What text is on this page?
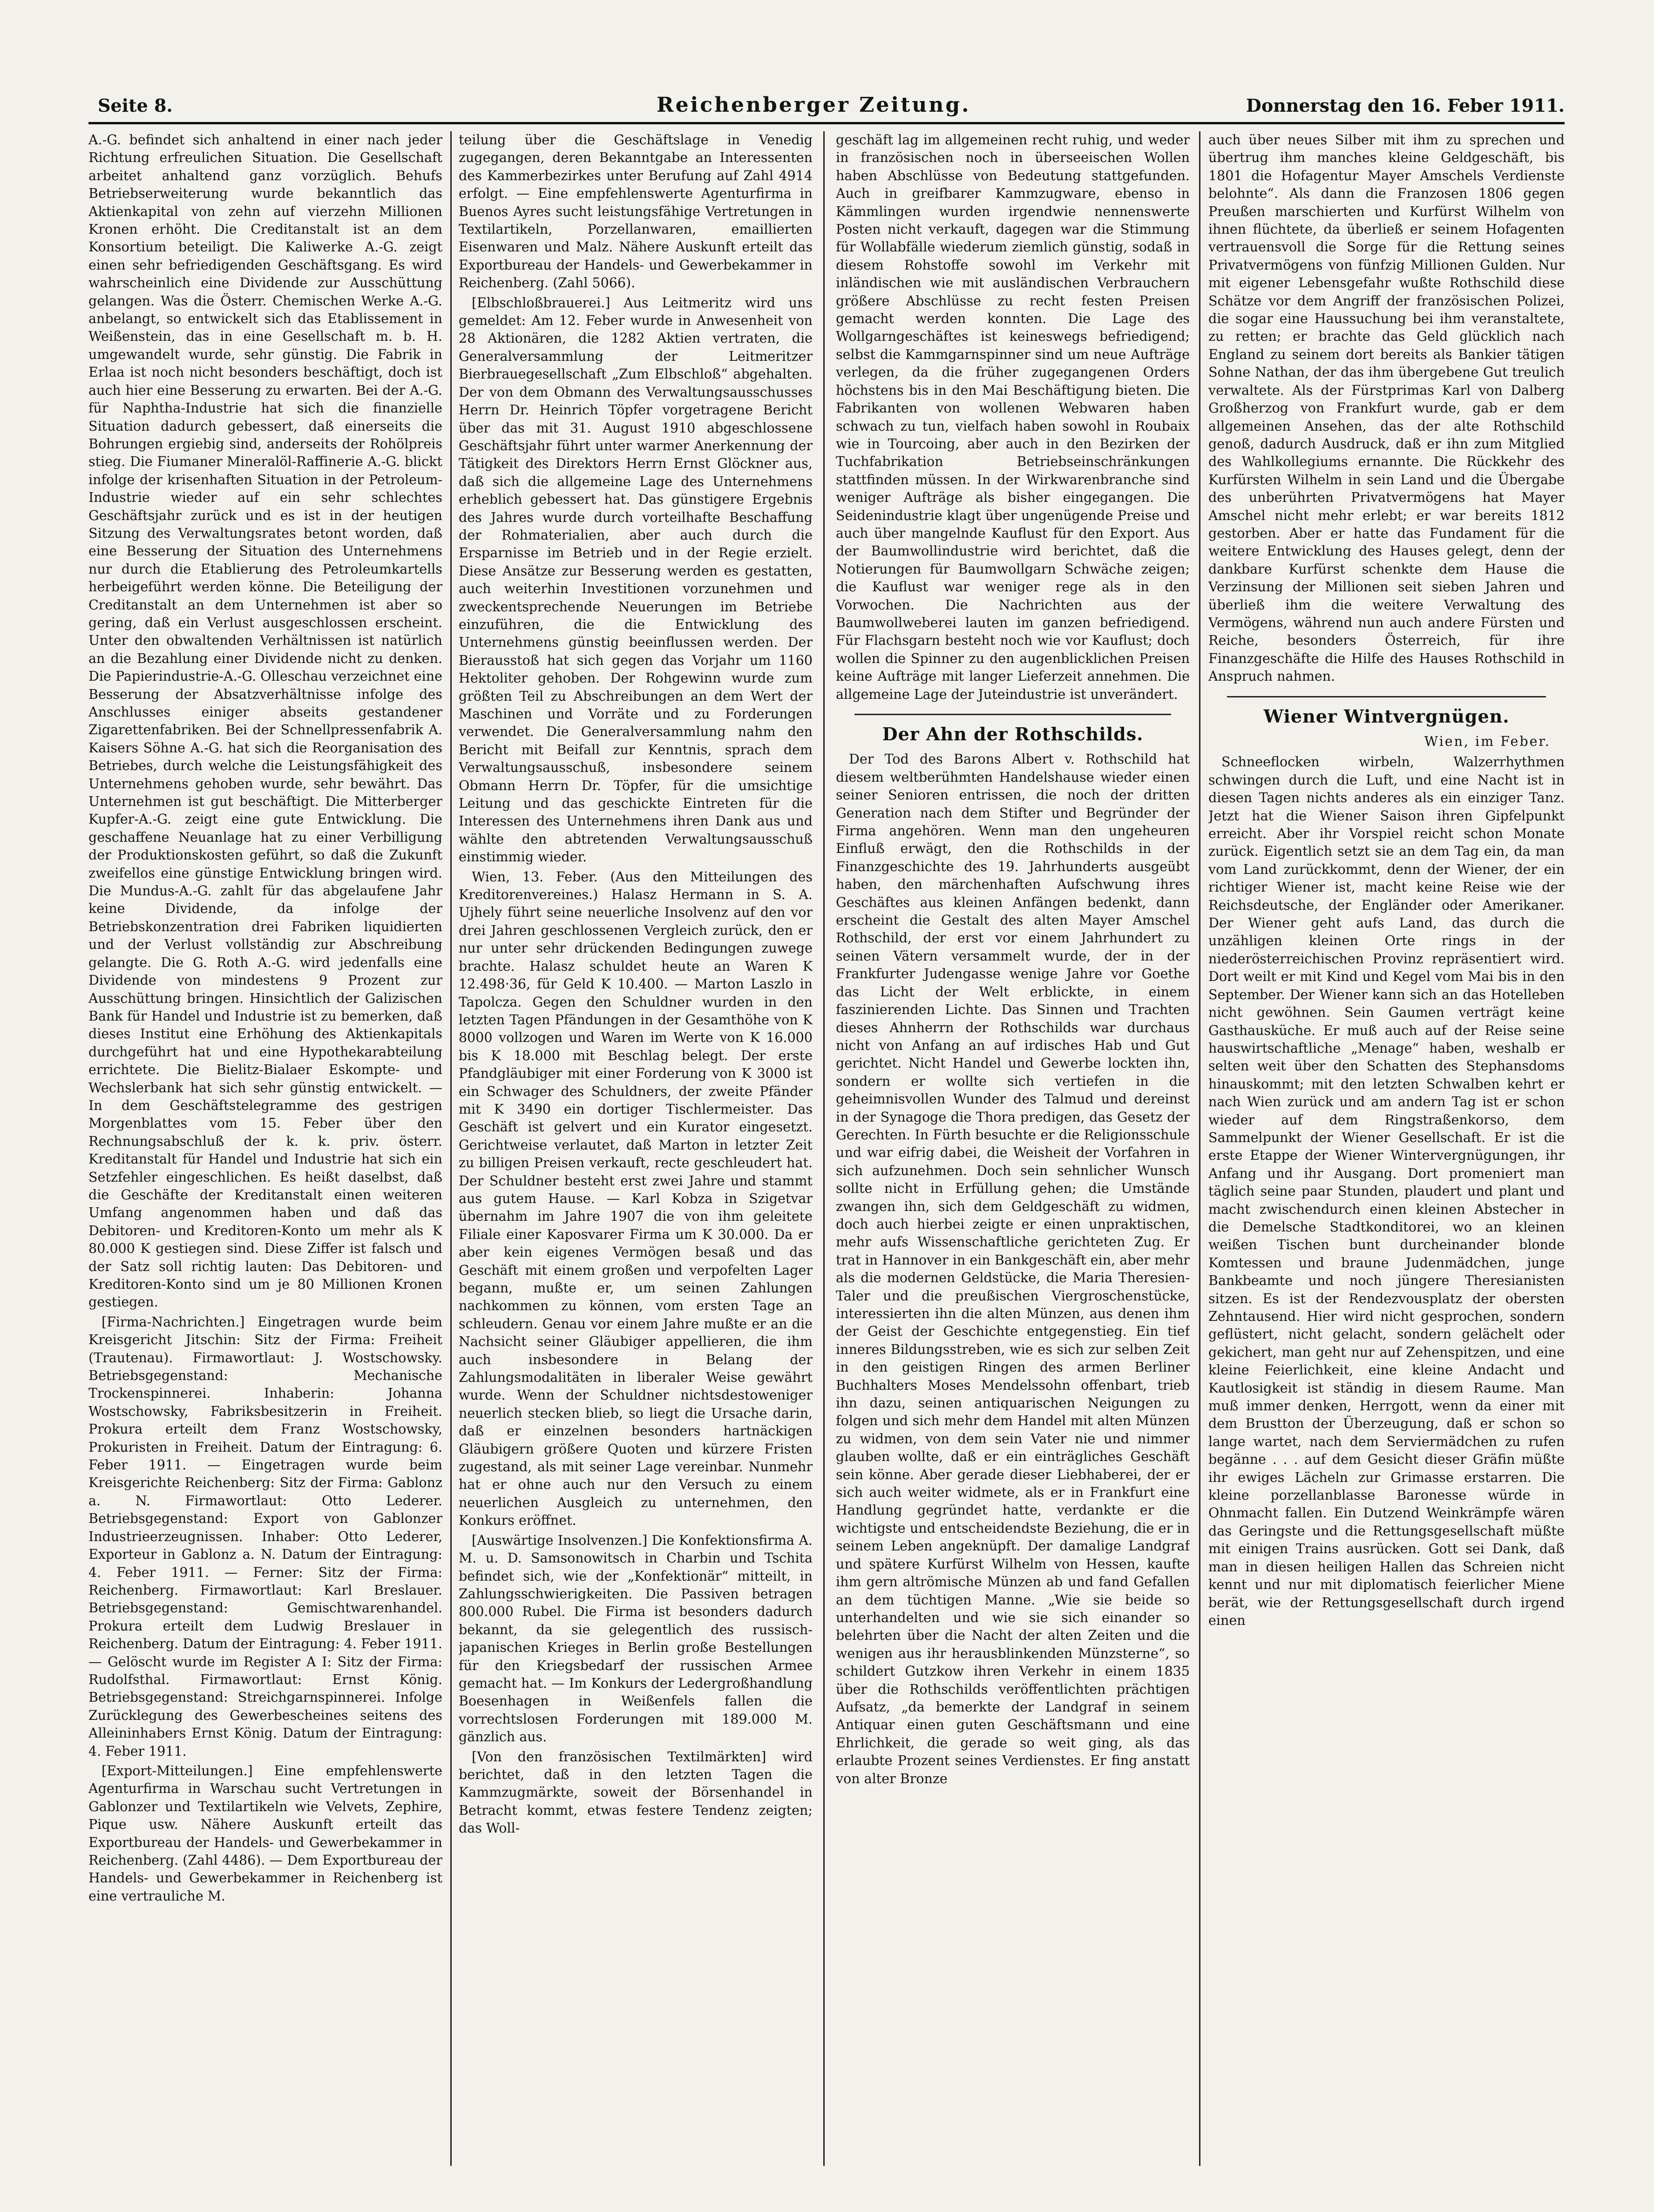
Seite 8.	Reichenberger Zeitung.	Donnerstag den 16. Feber 1911.

A.-G. befindet sich anhaltend in einer nach jeder Richtung erfreulichen Situation. Die Gesellschaft arbeitet anhaltend ganz vorzüglich. Behufs Betriebserweiterung wurde bekanntlich das Aktienkapital von zehn auf vierzehn Millionen Kronen erhöht. Die Creditanstalt ist an dem Konsortium beteiligt. Die Kaliwerke A.-G. zeigt einen sehr befriedigenden Geschäftsgang. Es wird wahrscheinlich eine Dividende zur Ausschüttung gelangen. Was die Österr. Chemischen Werke A.-G. anbelangt, so entwickelt sich das Etablissement in Weißenstein, das in eine Gesellschaft m. b. H. umgewandelt wurde, sehr günstig. Die Fabrik in Erlaa ist noch nicht besonders beschäftigt, doch ist auch hier eine Besserung zu erwarten. Bei der A.-G. für Naphtha-Industrie hat sich die finanzielle Situation dadurch gebessert, daß einerseits die Bohrungen ergiebig sind, anderseits der Rohölpreis stieg. Die Fiumaner Mineralöl-Raffinerie A.-G. blickt infolge der krisenhaften Situation in der Petroleum-Industrie wieder auf ein sehr schlechtes Geschäftsjahr zurück und es ist in der heutigen Sitzung des Verwaltungsrates betont worden, daß eine Besserung der Situation des Unternehmens nur durch die Etablierung des Petroleumkartells herbeigeführt werden könne. Die Beteiligung der Creditanstalt an dem Unternehmen ist aber so gering, daß ein Verlust ausgeschlossen erscheint. Unter den obwaltenden Verhältnissen ist natürlich an die Bezahlung einer Dividende nicht zu denken. Die Papierindustrie-A.-G. Olleschau verzeichnet eine Besserung der Absatzverhältnisse infolge des Anschlusses einiger abseits gestandener Zigarettenfabriken. Bei der Schnellpressenfabrik A. Kaisers Söhne A.-G. hat sich die Reorganisation des Betriebes, durch welche die Leistungsfähigkeit des Unternehmens gehoben wurde, sehr bewährt. Das Unternehmen ist gut beschäftigt. Die Mitterberger Kupfer-A.-G. zeigt eine gute Entwicklung. Die geschaffene Neuanlage hat zu einer Verbilligung der Produktionskosten geführt, so daß die Zukunft zweifellos eine günstige Entwicklung bringen wird. Die Mundus-A.-G. zahlt für das abgelaufene Jahr keine Dividende, da infolge der Betriebskonzentration drei Fabriken liquidierten und der Verlust vollständig zur Abschreibung gelangte. Die G. Roth A.-G. wird jedenfalls eine Dividende von mindestens 9 Prozent zur Ausschüttung bringen. Hinsichtlich der Galizischen Bank für Handel und Industrie ist zu bemerken, daß dieses Institut eine Erhöhung des Aktienkapitals durchgeführt hat und eine Hypothekarabteilung errichtete. Die Bielitz-Bialaer Eskompte- und Wechslerbank hat sich sehr günstig entwickelt. — In dem Geschäftstelegramme des gestrigen Morgenblattes vom 15. Feber über den Rechnungsabschluß der k. k. priv. österr. Kreditanstalt für Handel und Industrie hat sich ein Setzfehler eingeschlichen. Es heißt daselbst, daß die Geschäfte der Kreditanstalt einen weiteren Umfang angenommen haben und daß das Debitoren- und Kreditoren-Konto um mehr als K 80.000 K gestiegen sind. Diese Ziffer ist falsch und der Satz soll richtig lauten: Das Debitoren- und Kreditoren-Konto sind um je 80 Millionen Kronen gestiegen.

[Firma-Nachrichten.] Eingetragen wurde beim Kreisgericht Jitschin: Sitz der Firma: Freiheit (Trautenau). Firmawortlaut: J. Wostschowsky. Betriebsgegenstand: Mechanische Trockenspinnerei. Inhaberin: Johanna Wostschowsky, Fabriksbesitzerin in Freiheit. Prokura erteilt dem Franz Wostschowsky, Prokuristen in Freiheit. Datum der Eintragung: 6. Feber 1911. — Eingetragen wurde beim Kreisgerichte Reichenberg: Sitz der Firma: Gablonz a. N. Firmawortlaut: Otto Lederer. Betriebsgegenstand: Export von Gablonzer Industrieerzeugnissen. Inhaber: Otto Lederer, Exporteur in Gablonz a. N. Datum der Eintragung: 4. Feber 1911. — Ferner: Sitz der Firma: Reichenberg. Firmawortlaut: Karl Breslauer. Betriebsgegenstand: Gemischtwarenhandel. Prokura erteilt dem Ludwig Breslauer in Reichenberg. Datum der Eintragung: 4. Feber 1911. — Gelöscht wurde im Register A I: Sitz der Firma: Rudolfsthal. Firmawortlaut: Ernst König. Betriebsgegenstand: Streichgarnspinnerei. Infolge Zurücklegung des Gewerbescheines seitens des Alleininhabers Ernst König. Datum der Eintragung: 4. Feber 1911.

[Export-Mitteilungen.] Eine empfehlenswerte Agenturfirma in Warschau sucht Vertretungen in Gablonzer und Textilartikeln wie Velvets, Zephire, Pique usw. Nähere Auskunft erteilt das Exportbureau der Handels- und Gewerbekammer in Reichenberg. (Zahl 4486). — Dem Exportbureau der Handels- und Gewerbekammer in Reichenberg ist eine vertrauliche M.

teilung über die Geschäftslage in Venedig zugegangen, deren Bekanntgabe an Interessenten des Kammerbezirkes unter Berufung auf Zahl 4914 erfolgt. — Eine empfehlenswerte Agenturfirma in Buenos Ayres sucht leistungsfähige Vertretungen in Textilartikeln, Porzellanwaren, emaillierten Eisenwaren und Malz. Nähere Auskunft erteilt das Exportbureau der Handels- und Gewerbekammer in Reichenberg. (Zahl 5066).

[Elbschloßbrauerei.] Aus Leitmeritz wird uns gemeldet: Am 12. Feber wurde in Anwesenheit von 28 Aktionären, die 1282 Aktien vertraten, die Generalversammlung der Leitmeritzer Bierbrauegesellschaft „Zum Elbschloß“ abgehalten. Der von dem Obmann des Verwaltungsausschusses Herrn Dr. Heinrich Töpfer vorgetragene Bericht über das mit 31. August 1910 abgeschlossene Geschäftsjahr führt unter warmer Anerkennung der Tätigkeit des Direktors Herrn Ernst Glöckner aus, daß sich die allgemeine Lage des Unternehmens erheblich gebessert hat. Das günstigere Ergebnis des Jahres wurde durch vorteilhafte Beschaffung der Rohmaterialien, aber auch durch die Ersparnisse im Betrieb und in der Regie erzielt. Diese Ansätze zur Besserung werden es gestatten, auch weiterhin Investitionen vorzunehmen und zweckentsprechende Neuerungen im Betriebe einzuführen, die die Entwicklung des Unternehmens günstig beeinflussen werden. Der Bierausstoß hat sich gegen das Vorjahr um 1160 Hektoliter gehoben. Der Rohgewinn wurde zum größten Teil zu Abschreibungen an dem Wert der Maschinen und Vorräte und zu Forderungen verwendet. Die Generalversammlung nahm den Bericht mit Beifall zur Kenntnis, sprach dem Verwaltungsausschuß, insbesondere seinem Obmann Herrn Dr. Töpfer, für die umsichtige Leitung und das geschickte Eintreten für die Interessen des Unternehmens ihren Dank aus und wählte den abtretenden Verwaltungsausschuß einstimmig wieder.

Wien, 13. Feber. (Aus den Mitteilungen des Kreditorenvereines.) Halasz Hermann in S. A. Ujhely führt seine neuerliche Insolvenz auf den vor drei Jahren geschlossenen Vergleich zurück, den er nur unter sehr drückenden Bedingungen zuwege brachte. Halasz schuldet heute an Waren K 12.498·36, für Geld K 10.400. — Marton Laszlo in Tapolcza. Gegen den Schuldner wurden in den letzten Tagen Pfändungen in der Gesamthöhe von K 8000 vollzogen und Waren im Werte von K 16.000 bis K 18.000 mit Beschlag belegt. Der erste Pfandgläubiger mit einer Forderung von K 3000 ist ein Schwager des Schuldners, der zweite Pfänder mit K 3490 ein dortiger Tischlermeister. Das Geschäft ist gelvert und ein Kurator eingesetzt. Gerichtweise verlautet, daß Marton in letzter Zeit zu billigen Preisen verkauft, recte geschleudert hat. Der Schuldner besteht erst zwei Jahre und stammt aus gutem Hause. — Karl Kobza in Szigetvar übernahm im Jahre 1907 die von ihm geleitete Filiale einer Kaposvarer Firma um K 30.000. Da er aber kein eigenes Vermögen besaß und das Geschäft mit einem großen und verpofelten Lager begann, mußte er, um seinen Zahlungen nachkommen zu können, vom ersten Tage an schleudern. Genau vor einem Jahre mußte er an die Nachsicht seiner Gläubiger appellieren, die ihm auch insbesondere in Belang der Zahlungsmodalitäten in liberaler Weise gewährt wurde. Wenn der Schuldner nichtsdestoweniger neuerlich stecken blieb, so liegt die Ursache darin, daß er einzelnen besonders hartnäckigen Gläubigern größere Quoten und kürzere Fristen zugestand, als mit seiner Lage vereinbar. Nunmehr hat er ohne auch nur den Versuch zu einem neuerlichen Ausgleich zu unternehmen, den Konkurs eröffnet.

[Auswärtige Insolvenzen.] Die Konfektionsfirma A. M. u. D. Samsonowitsch in Charbin und Tschita befindet sich, wie der „Konfektionär“ mitteilt, in Zahlungsschwierigkeiten. Die Passiven betragen 800.000 Rubel. Die Firma ist besonders dadurch bekannt, da sie gelegentlich des russisch-japanischen Krieges in Berlin große Bestellungen für den Kriegsbedarf der russischen Armee gemacht hat. — Im Konkurs der Ledergroßhandlung Boesenhagen in Weißenfels fallen die vorrechtslosen Forderungen mit 189.000 M. gänzlich aus.

[Von den französischen Textilmärkten] wird berichtet, daß in den letzten Tagen die Kammzugmärkte, soweit der Börsenhandel in Betracht kommt, etwas festere Tendenz zeigten; das Woll-

geschäft lag im allgemeinen recht ruhig, und weder in französischen noch in überseeischen Wollen haben Abschlüsse von Bedeutung stattgefunden. Auch in greifbarer Kammzugware, ebenso in Kämmlingen wurden irgendwie nennenswerte Posten nicht verkauft, dagegen war die Stimmung für Wollabfälle wiederum ziemlich günstig, sodaß in diesem Rohstoffe sowohl im Verkehr mit inländischen wie mit ausländischen Verbrauchern größere Abschlüsse zu recht festen Preisen gemacht werden konnten. Die Lage des Wollgarngeschäftes ist keineswegs befriedigend; selbst die Kammgarnspinner sind um neue Aufträge verlegen, da die früher zugegangenen Orders höchstens bis in den Mai Beschäftigung bieten. Die Fabrikanten von wollenen Webwaren haben schwach zu tun, vielfach haben sowohl in Roubaix wie in Tourcoing, aber auch in den Bezirken der Tuchfabrikation Betriebseinschränkungen stattfinden müssen. In der Wirkwarenbranche sind weniger Aufträge als bisher eingegangen. Die Seidenindustrie klagt über ungenügende Preise und auch über mangelnde Kauflust für den Export. Aus der Baumwollindustrie wird berichtet, daß die Notierungen für Baumwollgarn Schwäche zeigen; die Kauflust war weniger rege als in den Vorwochen. Die Nachrichten aus der Baumwollweberei lauten im ganzen befriedigend. Für Flachsgarn besteht noch wie vor Kauflust; doch wollen die Spinner zu den augenblicklichen Preisen keine Aufträge mit langer Lieferzeit annehmen. Die allgemeine Lage der Juteindustrie ist unverändert.

Der Ahn der Rothschilds.

Der Tod des Barons Albert v. Rothschild hat diesem weltberühmten Handelshause wieder einen seiner Senioren entrissen, die noch der dritten Generation nach dem Stifter und Begründer der Firma angehören. Wenn man den ungeheuren Einfluß erwägt, den die Rothschilds in der Finanzgeschichte des 19. Jahrhunderts ausgeübt haben, den märchenhaften Aufschwung ihres Geschäftes aus kleinen Anfängen bedenkt, dann erscheint die Gestalt des alten Mayer Amschel Rothschild, der erst vor einem Jahrhundert zu seinen Vätern versammelt wurde, der in der Frankfurter Judengasse wenige Jahre vor Goethe das Licht der Welt erblickte, in einem faszinierenden Lichte. Das Sinnen und Trachten dieses Ahnherrn der Rothschilds war durchaus nicht von Anfang an auf irdisches Hab und Gut gerichtet. Nicht Handel und Gewerbe lockten ihn, sondern er wollte sich vertiefen in die geheimnisvollen Wunder des Talmud und dereinst in der Synagoge die Thora predigen, das Gesetz der Gerechten. In Fürth besuchte er die Religionsschule und war eifrig dabei, die Weisheit der Vorfahren in sich aufzunehmen. Doch sein sehnlicher Wunsch sollte nicht in Erfüllung gehen; die Umstände zwangen ihn, sich dem Geldgeschäft zu widmen, doch auch hierbei zeigte er einen unpraktischen, mehr aufs Wissenschaftliche gerichteten Zug. Er trat in Hannover in ein Bankgeschäft ein, aber mehr als die modernen Geldstücke, die Maria Theresien-Taler und die preußischen Viergroschenstücke, interessierten ihn die alten Münzen, aus denen ihm der Geist der Geschichte entgegenstieg. Ein tief inneres Bildungsstreben, wie es sich zur selben Zeit in den geistigen Ringen des armen Berliner Buchhalters Moses Mendelssohn offenbart, trieb ihn dazu, seinen antiquarischen Neigungen zu folgen und sich mehr dem Handel mit alten Münzen zu widmen, von dem sein Vater nie und nimmer glauben wollte, daß er ein einträgliches Geschäft sein könne. Aber gerade dieser Liebhaberei, der er sich auch weiter widmete, als er in Frankfurt eine Handlung gegründet hatte, verdankte er die wichtigste und entscheidendste Beziehung, die er in seinem Leben angeknüpft. Der damalige Landgraf und spätere Kurfürst Wilhelm von Hessen, kaufte ihm gern altrömische Münzen ab und fand Gefallen an dem tüchtigen Manne. „Wie sie beide so unterhandelten und wie sie sich einander so belehrten über die Nacht der alten Zeiten und die wenigen aus ihr herausblinkenden Münzsterne“, so schildert Gutzkow ihren Verkehr in einem 1835 über die Rothschilds veröffentlichten prächtigen Aufsatz, „da bemerkte der Landgraf in seinem Antiquar einen guten Geschäftsmann und eine Ehrlichkeit, die gerade so weit ging, als das erlaubte Prozent seines Verdienstes. Er fing anstatt von alter Bronze

auch über neues Silber mit ihm zu sprechen und übertrug ihm manches kleine Geldgeschäft, bis 1801 die Hofagentur Mayer Amschels Verdienste belohnte“. Als dann die Franzosen 1806 gegen Preußen marschierten und Kurfürst Wilhelm von ihnen flüchtete, da überließ er seinem Hofagenten vertrauensvoll die Sorge für die Rettung seines Privatvermögens von fünfzig Millionen Gulden. Nur mit eigener Lebensgefahr wußte Rothschild diese Schätze vor dem Angriff der französischen Polizei, die sogar eine Haussuchung bei ihm veranstaltete, zu retten; er brachte das Geld glücklich nach England zu seinem dort bereits als Bankier tätigen Sohne Nathan, der das ihm übergebene Gut treulich verwaltete. Als der Fürstprimas Karl von Dalberg Großherzog von Frankfurt wurde, gab er dem allgemeinen Ansehen, das der alte Rothschild genoß, dadurch Ausdruck, daß er ihn zum Mitglied des Wahlkollegiums ernannte. Die Rückkehr des Kurfürsten Wilhelm in sein Land und die Übergabe des unberührten Privatvermögens hat Mayer Amschel nicht mehr erlebt; er war bereits 1812 gestorben. Aber er hatte das Fundament für die weitere Entwicklung des Hauses gelegt, denn der dankbare Kurfürst schenkte dem Hause die Verzinsung der Millionen seit sieben Jahren und überließ ihm die weitere Verwaltung des Vermögens, während nun auch andere Fürsten und Reiche, besonders Österreich, für ihre Finanzgeschäfte die Hilfe des Hauses Rothschild in Anspruch nahmen.

Wiener Wintvergnügen.
Wien, im Feber.

Schneeflocken wirbeln, Walzerrhythmen schwingen durch die Luft, und eine Nacht ist in diesen Tagen nichts anderes als ein einziger Tanz. Jetzt hat die Wiener Saison ihren Gipfelpunkt erreicht. Aber ihr Vorspiel reicht schon Monate zurück. Eigentlich setzt sie an dem Tag ein, da man vom Land zurückkommt, denn der Wiener, der ein richtiger Wiener ist, macht keine Reise wie der Reichsdeutsche, der Engländer oder Amerikaner. Der Wiener geht aufs Land, das durch die unzähligen kleinen Orte rings in der niederösterreichischen Provinz repräsentiert wird. Dort weilt er mit Kind und Kegel vom Mai bis in den September. Der Wiener kann sich an das Hotelleben nicht gewöhnen. Sein Gaumen verträgt keine Gasthausküche. Er muß auch auf der Reise seine hauswirtschaftliche „Menage“ haben, weshalb er selten weit über den Schatten des Stephansdoms hinauskommt; mit den letzten Schwalben kehrt er nach Wien zurück und am andern Tag ist er schon wieder auf dem Ringstraßenkorso, dem Sammelpunkt der Wiener Gesellschaft. Er ist die erste Etappe der Wiener Wintervergnügungen, ihr Anfang und ihr Ausgang. Dort promeniert man täglich seine paar Stunden, plaudert und plant und macht zwischendurch einen kleinen Abstecher in die Demelsche Stadtkonditorei, wo an kleinen weißen Tischen bunt durcheinander blonde Komtessen und braune Judenmädchen, junge Bankbeamte und noch jüngere Theresianisten sitzen. Es ist der Rendezvousplatz der obersten Zehntausend. Hier wird nicht gesprochen, sondern geflüstert, nicht gelacht, sondern gelächelt oder gekichert, man geht nur auf Zehenspitzen, und eine kleine Feierlichkeit, eine kleine Andacht und Kautlosigkeit ist ständig in diesem Raume. Man muß immer denken, Herrgott, wenn da einer mit dem Brustton der Überzeugung, daß er schon so lange wartet, nach dem Serviermädchen zu rufen begänne . . . auf dem Gesicht dieser Gräfin müßte ihr ewiges Lächeln zur Grimasse erstarren. Die kleine porzellanblasse Baronesse würde in Ohnmacht fallen. Ein Dutzend Weinkrämpfe wären das Geringste und die Rettungsgesellschaft müßte mit einigen Trains ausrücken. Gott sei Dank, daß man in diesen heiligen Hallen das Schreien nicht kennt und nur mit diplomatisch feierlicher Miene berät, wie der Rettungsgesellschaft durch irgend einen
